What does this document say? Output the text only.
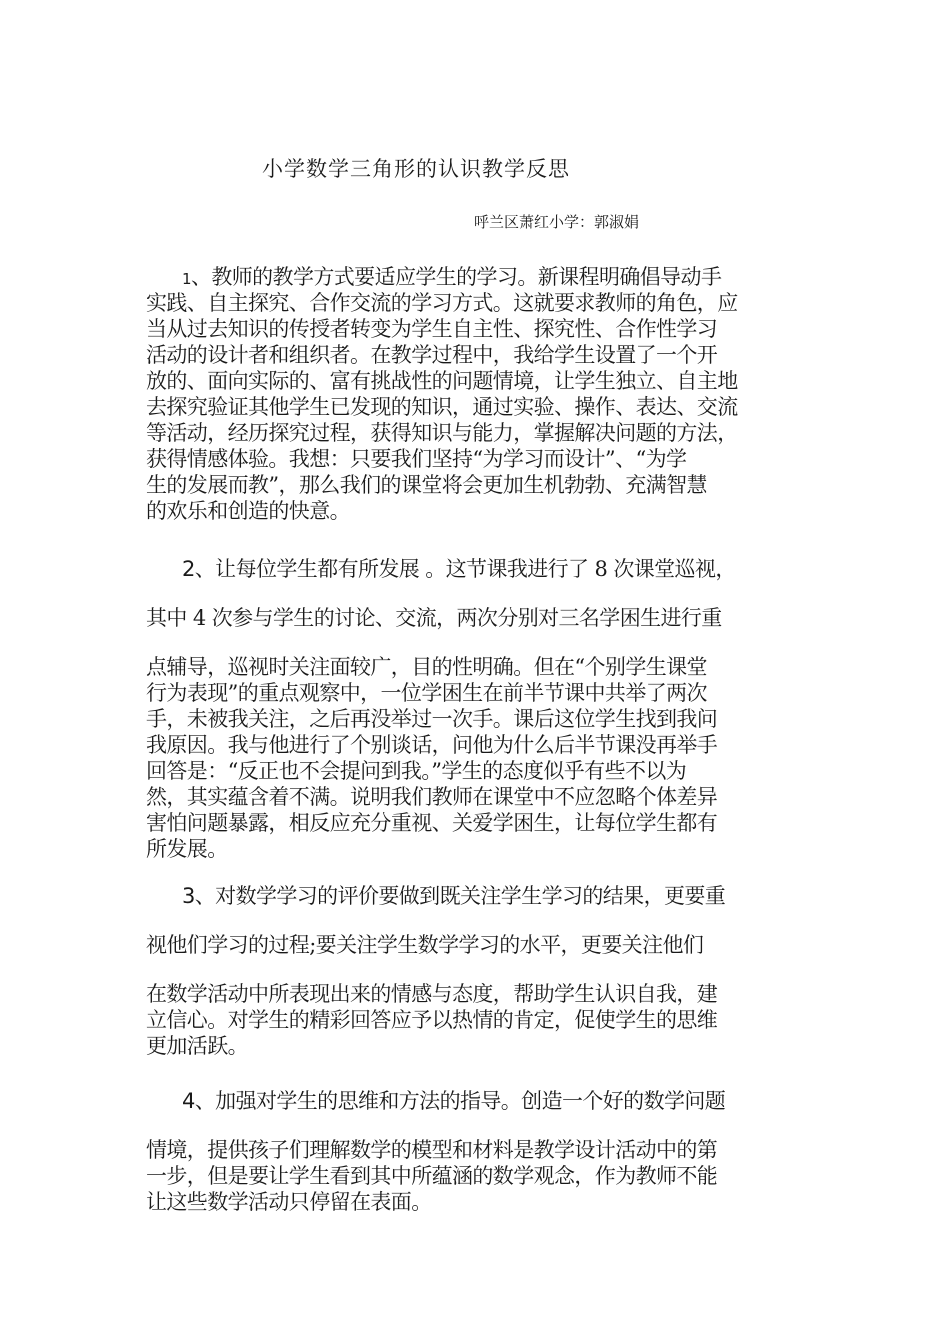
小学数学三角形的认识教学反思
呼兰区萧红小学：郭淑娟
1、教师的教学方式要适应学生的学习。新课程明确倡导动手
实践、自主探究、合作交流的学习方式。这就要求教师的角色，应
当从过去知识的传授者转变为学生自主性、探究性、合作性学习
活动的设计者和组织者。在教学过程中，我给学生设置了一个开
放的、面向实际的、富有挑战性的问题情境，让学生独立、自主地
去探究验证其他学生已发现的知识，通过实验、操作、表达、交流
等活动，经历探究过程，获得知识与能力，掌握解决问题的方法，
获得情感体验。我想：只要我们坚持“为学习而设计”、“为学
生的发展而教”，那么我们的课堂将会更加生机勃勃、充满智慧
的欢乐和创造的快意。
2、让每位学生都有所发展 。这节课我进行了 8 次课堂巡视，
其中 4 次参与学生的讨论、交流，两次分别对三名学困生进行重
点辅导，巡视时关注面较广，目的性明确。但在“个别学生课堂
行为表现”的重点观察中，一位学困生在前半节课中共举了两次
手，未被我关注，之后再没举过一次手。课后这位学生找到我问
我原因。我与他进行了个别谈话，问他为什么后半节课没再举手
回答是：“反正也不会提问到我。”学生的态度似乎有些不以为
然，其实蕴含着不满。说明我们教师在课堂中不应忽略个体差异
害怕问题暴露，相反应充分重视、关爱学困生，让每位学生都有
所发展。
3、对数学学习的评价要做到既关注学生学习的结果，更要重
视他们学习的过程;要关注学生数学学习的水平，更要关注他们
在数学活动中所表现出来的情感与态度，帮助学生认识自我，建
立信心。对学生的精彩回答应予以热情的肯定，促使学生的思维
更加活跃。
4、加强对学生的思维和方法的指导。创造一个好的数学问题
情境，提供孩子们理解数学的模型和材料是教学设计活动中的第
一步，但是要让学生看到其中所蕴涵的数学观念，作为教师不能
让这些数学活动只停留在表面。
